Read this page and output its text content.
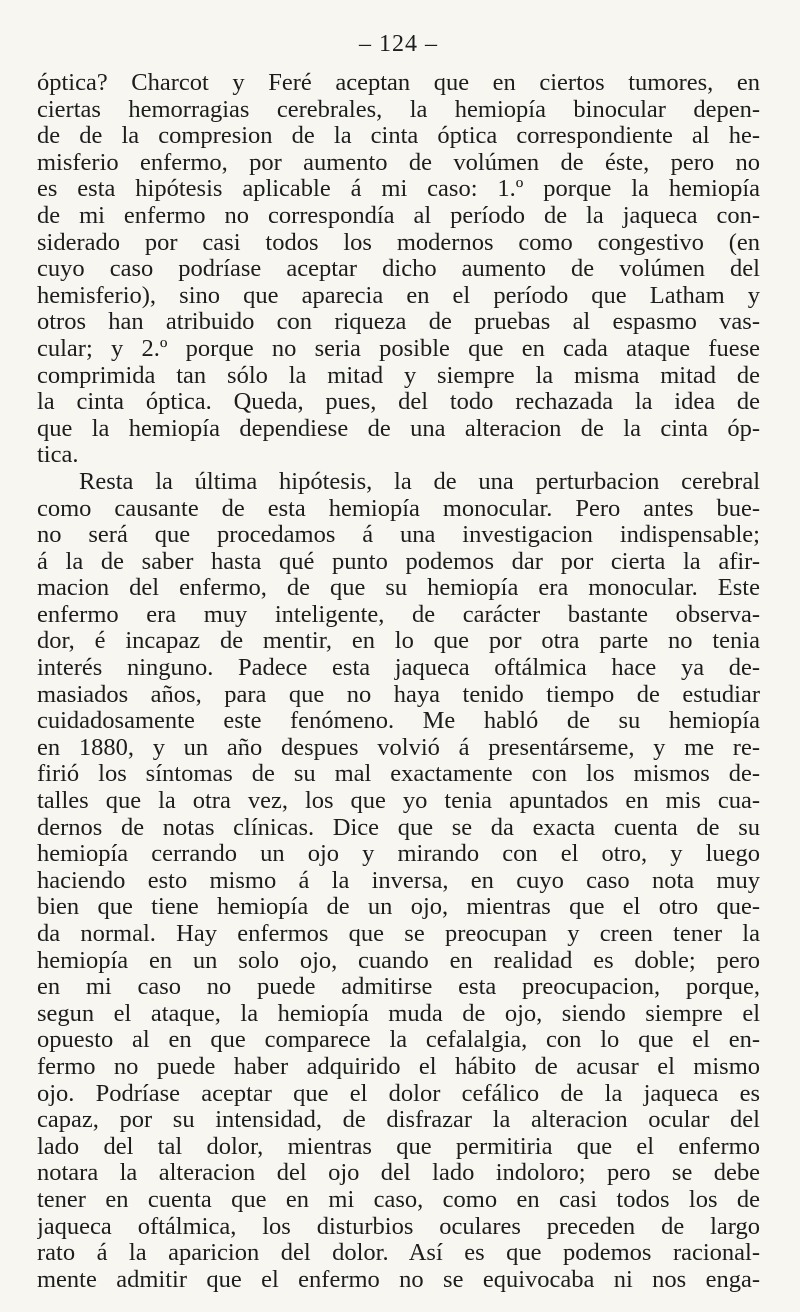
– 124 –
óptica? Charcot y Feré aceptan que en ciertos tumores, en
ciertas hemorragias cerebrales, la hemiopía binocular depen-
de de la compresion de la cinta óptica correspondiente al he-
misferio enfermo, por aumento de volúmen de éste, pero no
es esta hipótesis aplicable á mi caso: 1.º porque la hemiopía
de mi enfermo no correspondía al período de la jaqueca con-
siderado por casi todos los modernos como congestivo (en
cuyo caso podríase aceptar dicho aumento de volúmen del
hemisferio), sino que aparecia en el período que Latham y
otros han atribuido con riqueza de pruebas al espasmo vas-
cular; y 2.º porque no seria posible que en cada ataque fuese
comprimida tan sólo la mitad y siempre la misma mitad de
la cinta óptica. Queda, pues, del todo rechazada la idea de
que la hemiopía dependiese de una alteracion de la cinta óp-
tica.
Resta la última hipótesis, la de una perturbacion cerebral
como causante de esta hemiopía monocular. Pero antes bue-
no será que procedamos á una investigacion indispensable;
á la de saber hasta qué punto podemos dar por cierta la afir-
macion del enfermo, de que su hemiopía era monocular. Este
enfermo era muy inteligente, de carácter bastante observa-
dor, é incapaz de mentir, en lo que por otra parte no tenia
interés ninguno. Padece esta jaqueca oftálmica hace ya de-
masiados años, para que no haya tenido tiempo de estudiar
cuidadosamente este fenómeno. Me habló de su hemiopía
en 1880, y un año despues volvió á presentárseme, y me re-
firió los síntomas de su mal exactamente con los mismos de-
talles que la otra vez, los que yo tenia apuntados en mis cua-
dernos de notas clínicas. Dice que se da exacta cuenta de su
hemiopía cerrando un ojo y mirando con el otro, y luego
haciendo esto mismo á la inversa, en cuyo caso nota muy
bien que tiene hemiopía de un ojo, mientras que el otro que-
da normal. Hay enfermos que se preocupan y creen tener la
hemiopía en un solo ojo, cuando en realidad es doble; pero
en mi caso no puede admitirse esta preocupacion, porque,
segun el ataque, la hemiopía muda de ojo, siendo siempre el
opuesto al en que comparece la cefalalgia, con lo que el en-
fermo no puede haber adquirido el hábito de acusar el mismo
ojo. Podríase aceptar que el dolor cefálico de la jaqueca es
capaz, por su intensidad, de disfrazar la alteracion ocular del
lado del tal dolor, mientras que permitiria que el enfermo
notara la alteracion del ojo del lado indoloro; pero se debe
tener en cuenta que en mi caso, como en casi todos los de
jaqueca oftálmica, los disturbios oculares preceden de largo
rato á la aparicion del dolor. Así es que podemos racional-
mente admitir que el enfermo no se equivocaba ni nos enga-
